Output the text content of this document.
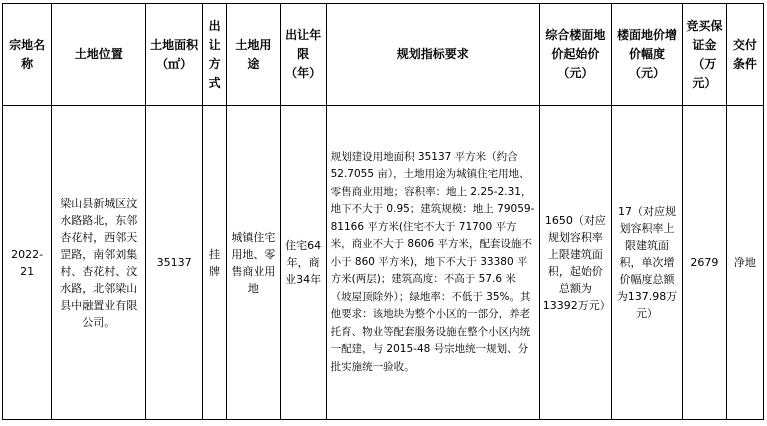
宗地名称	土地位置	土地面积（㎡）	出让方式	土地用途	出让年限（年）	规划指标要求	综合楼面地价起始价（元）	楼面地价增价幅度（元）	竞买保证金（万元）	交付条件
2022-21	梁山县新城区汶水路路北，东邻杏花村，西邻天罡路，南邻刘集村、杏花村、汶水路，北邻梁山县中融置业有限公司。	35137	挂牌	城镇住宅用地、零售商业用地	住宅64年，商业34年	规划建设用地面积 35137 平方米（约合 52.7055 亩），土地用途为城镇住宅用地、零售商业用地；容积率：地上 2.25-2.31，地下不大于 0.95；建筑规模：地上 79059-81166 平方米(住宅不大于 71700 平方米，商业不大于 8606 平方米，配套设施不小于 860 平方米)，地下不大于 33380 平方米(两层)；建筑高度：不高于 57.6 米（坡屋顶除外）；绿地率：不低于 35%。其他要求：该地块为整个小区的一部分，养老托育、物业等配套服务设施在整个小区内统一配建，与 2015-48 号宗地统一规划、分批实施统一验收。	1650（对应规划容积率上限建筑面积，起始价总额为13392万元）	17（对应规划容积率上限建筑面积，单次增价幅度总额为137.98万元）	2679	净地
